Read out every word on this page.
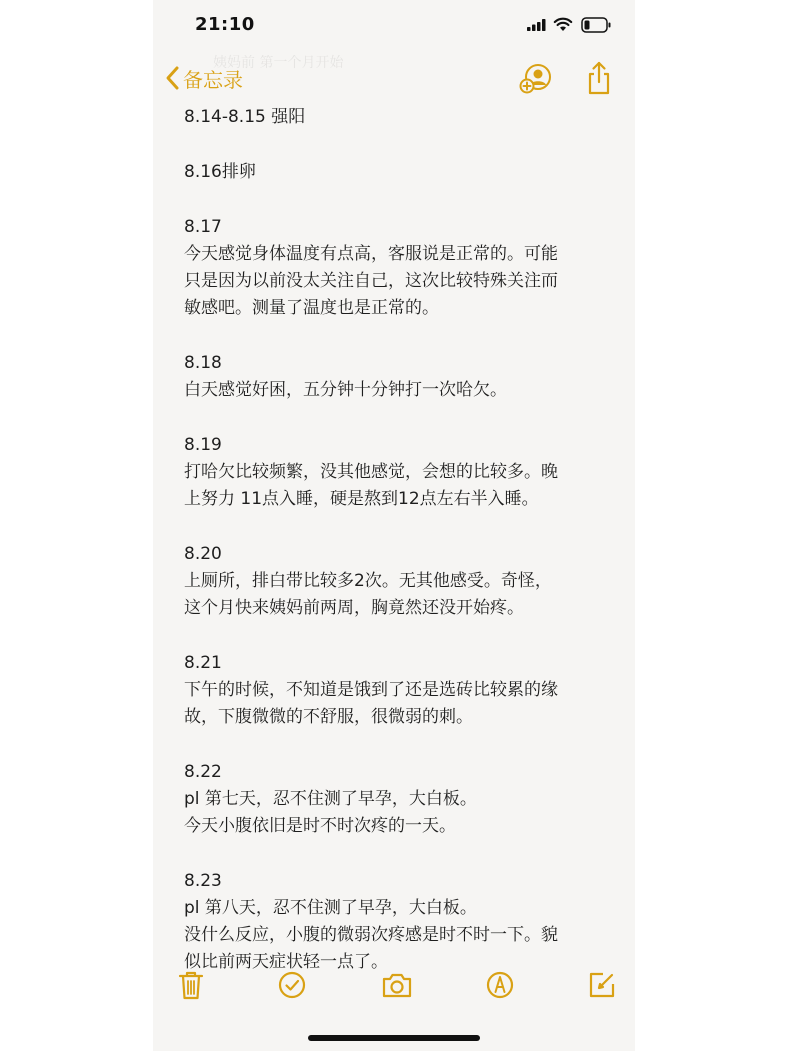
21:10
姨妈前 第一个月开始
备忘录
8.14-8.15 强阳
8.16排卵
8.17
今天感觉身体温度有点高，客服说是正常的。可能
只是因为以前没太关注自己，这次比较特殊关注而
敏感吧。测量了温度也是正常的。
8.18
白天感觉好困，五分钟十分钟打一次哈欠。
8.19
打哈欠比较频繁，没其他感觉，会想的比较多。晚
上努力 11点入睡，硬是熬到12点左右半入睡。
8.20
上厕所，排白带比较多2次。无其他感受。奇怪，
这个月快来姨妈前两周，胸竟然还没开始疼。
8.21
下午的时候，不知道是饿到了还是选砖比较累的缘
故，下腹微微的不舒服，很微弱的刺。
8.22
pl 第七天，忍不住测了早孕，大白板。
今天小腹依旧是时不时次疼的一天。
8.23
pl 第八天，忍不住测了早孕，大白板。
没什么反应，小腹的微弱次疼感是时不时一下。貌
似比前两天症状轻一点了。
